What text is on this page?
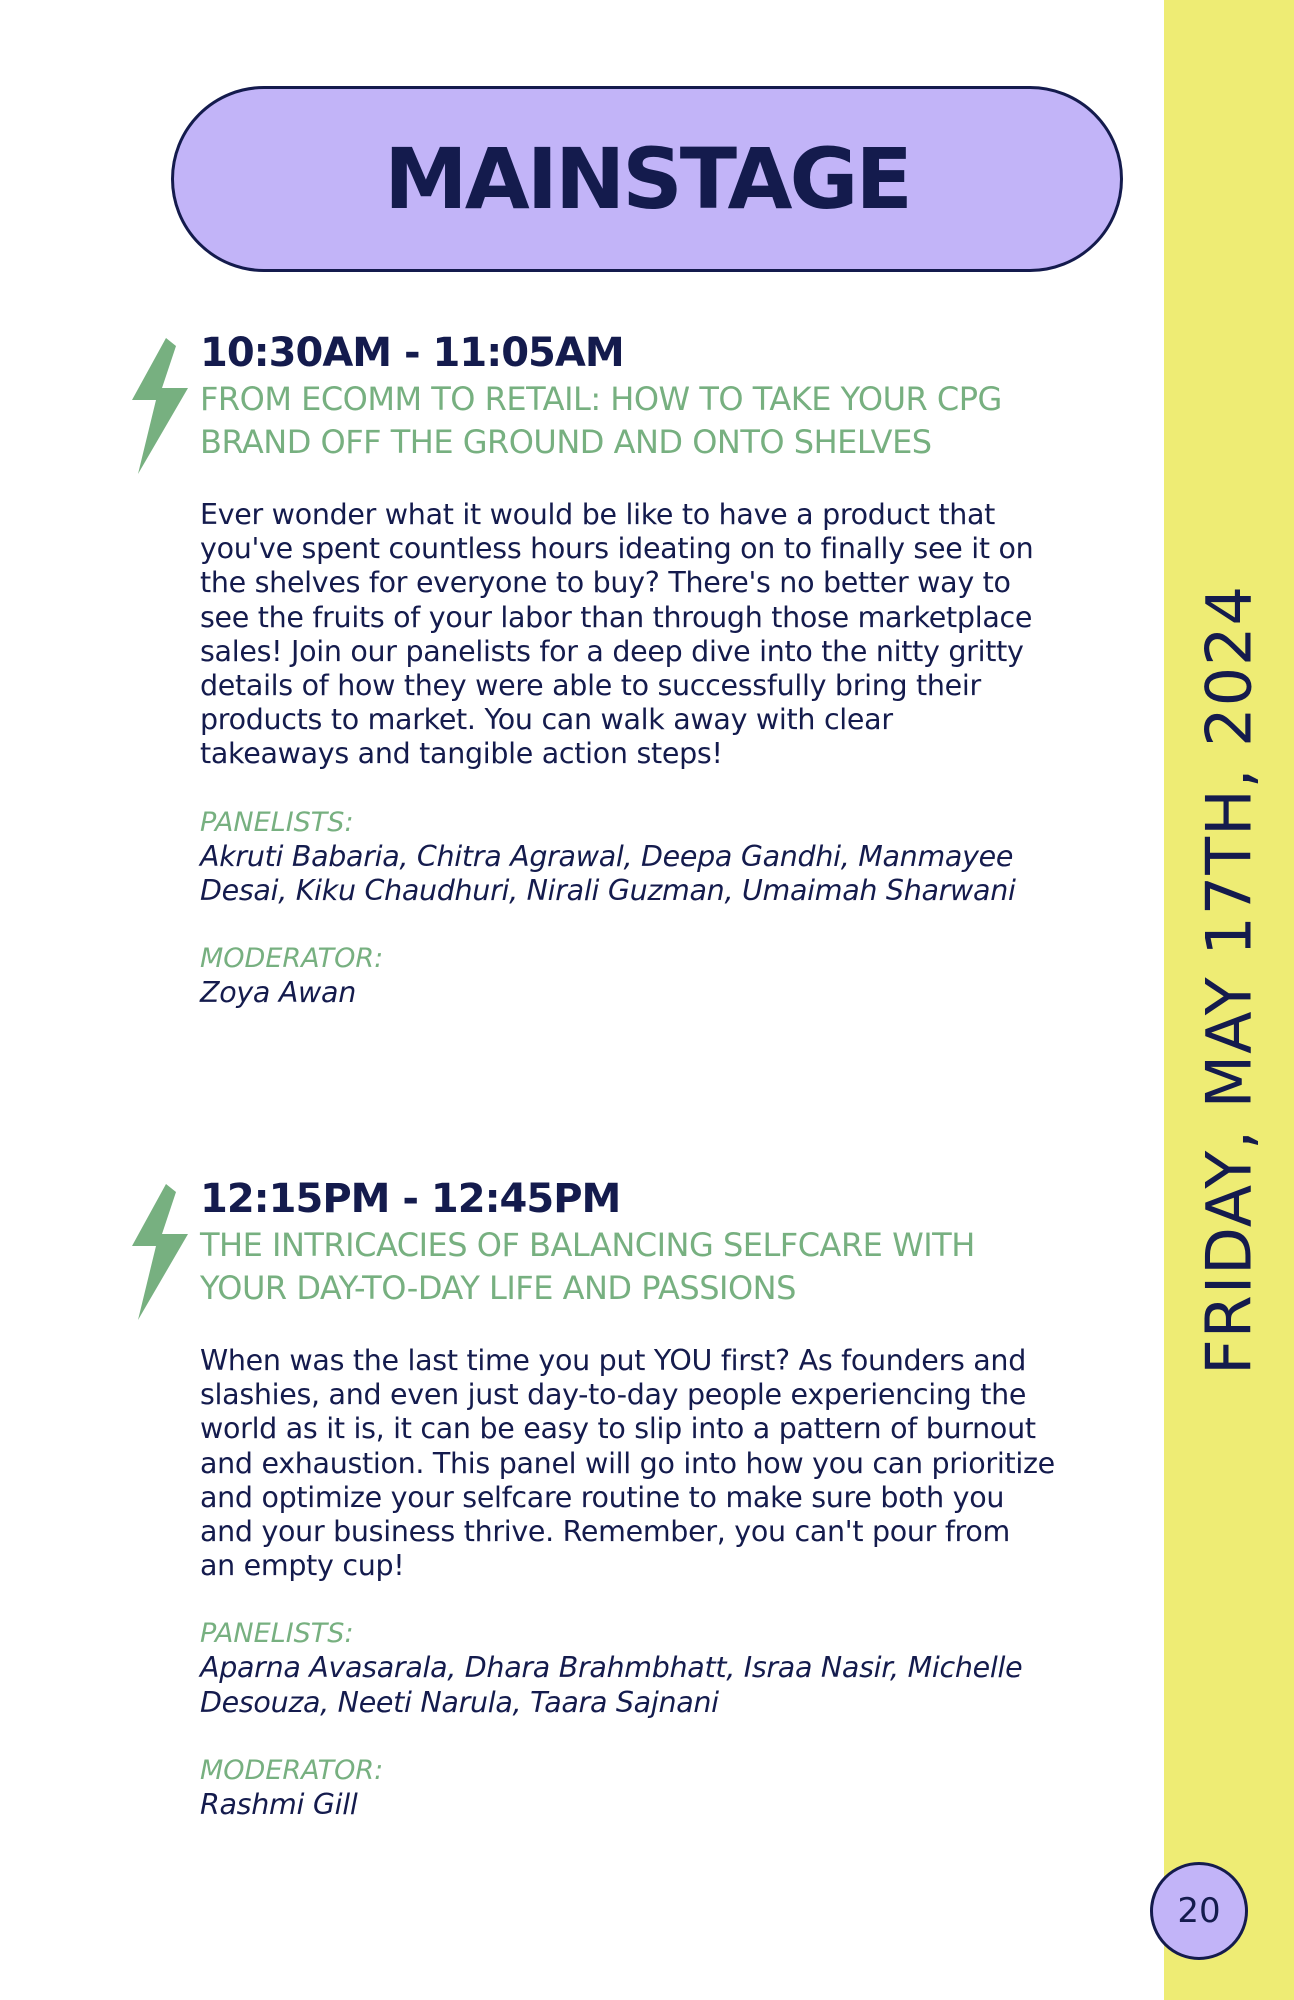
FRIDAY, MAY 17TH, 2024
20
MAINSTAGE
10:30AM - 11:05AM
FROM ECOMM TO RETAIL: HOW TO TAKE YOUR CPG
BRAND OFF THE GROUND AND ONTO SHELVES
Ever wonder what it would be like to have a product that
you've spent countless hours ideating on to finally see it on
the shelves for everyone to buy? There's no better way to
see the fruits of your labor than through those marketplace
sales! Join our panelists for a deep dive into the nitty gritty
details of how they were able to successfully bring their
products to market. You can walk away with clear
takeaways and tangible action steps!
PANELISTS:
Akruti Babaria, Chitra Agrawal, Deepa Gandhi, Manmayee
Desai, Kiku Chaudhuri, Nirali Guzman, Umaimah Sharwani
MODERATOR:
Zoya Awan
12:15PM - 12:45PM
THE INTRICACIES OF BALANCING SELFCARE WITH
YOUR DAY-TO-DAY LIFE AND PASSIONS
When was the last time you put YOU first? As founders and
slashies, and even just day-to-day people experiencing the
world as it is, it can be easy to slip into a pattern of burnout
and exhaustion. This panel will go into how you can prioritize
and optimize your selfcare routine to make sure both you
and your business thrive. Remember, you can't pour from
an empty cup!
PANELISTS:
Aparna Avasarala, Dhara Brahmbhatt, Israa Nasir, Michelle
Desouza, Neeti Narula, Taara Sajnani
MODERATOR:
Rashmi Gill
